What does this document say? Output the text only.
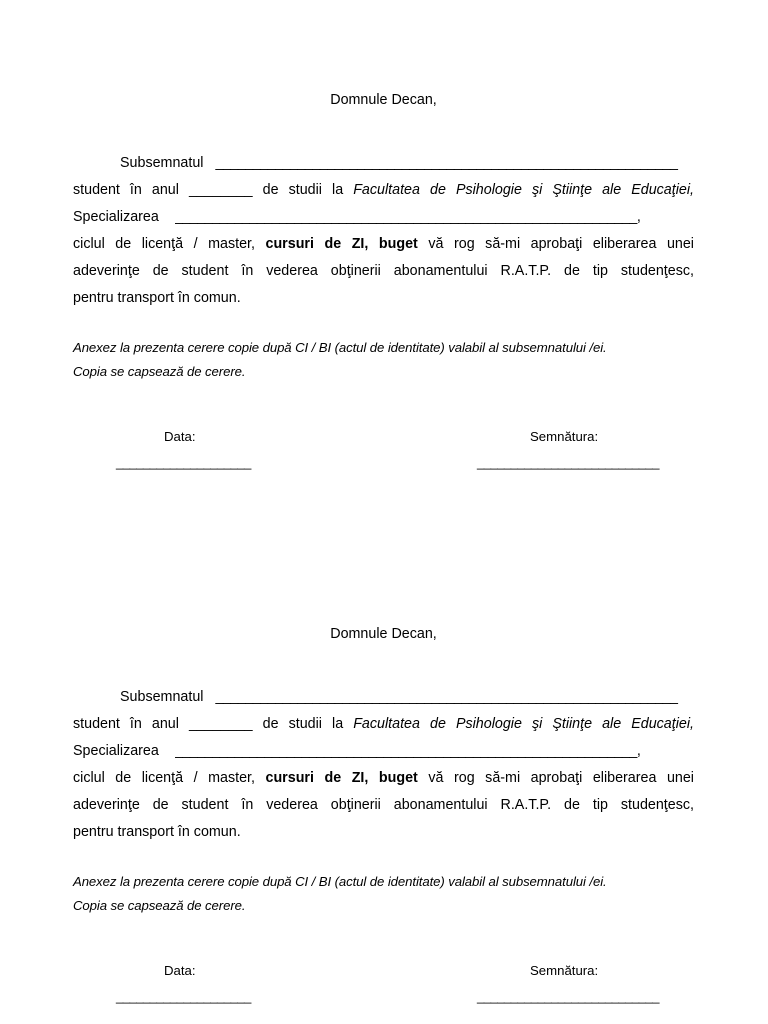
Domnule Decan,
Subsemnatul ______________________________________________________________
student în anul ________ de studii la Facultatea de Psihologie şi Ştiinţe ale Educaţiei,
Specializarea ______________________________________________________________,
ciclul de licenţă / master, cursuri de ZI, buget vă rog să-mi aprobaţi eliberarea unei
adeverinţe de student în vederea obţinerii abonamentului R.A.T.P. de tip studenţesc,
pentru transport în comun.
Anexez la prezenta cerere copie după CI / BI (actul de identitate) valabil al subsemnatului /ei.
Copia se capsează de cerere.
Data:	Semnătura:
____________________	___________________________
Domnule Decan,
Subsemnatul ______________________________________________________________
student în anul ________ de studii la Facultatea de Psihologie şi Ştiinţe ale Educaţiei,
Specializarea ______________________________________________________________,
ciclul de licenţă / master, cursuri de ZI, buget vă rog să-mi aprobaţi eliberarea unei
adeverinţe de student în vederea obţinerii abonamentului R.A.T.P. de tip studenţesc,
pentru transport în comun.
Anexez la prezenta cerere copie după CI / BI (actul de identitate) valabil al subsemnatului /ei.
Copia se capsează de cerere.
Data:	Semnătura:
____________________	___________________________
